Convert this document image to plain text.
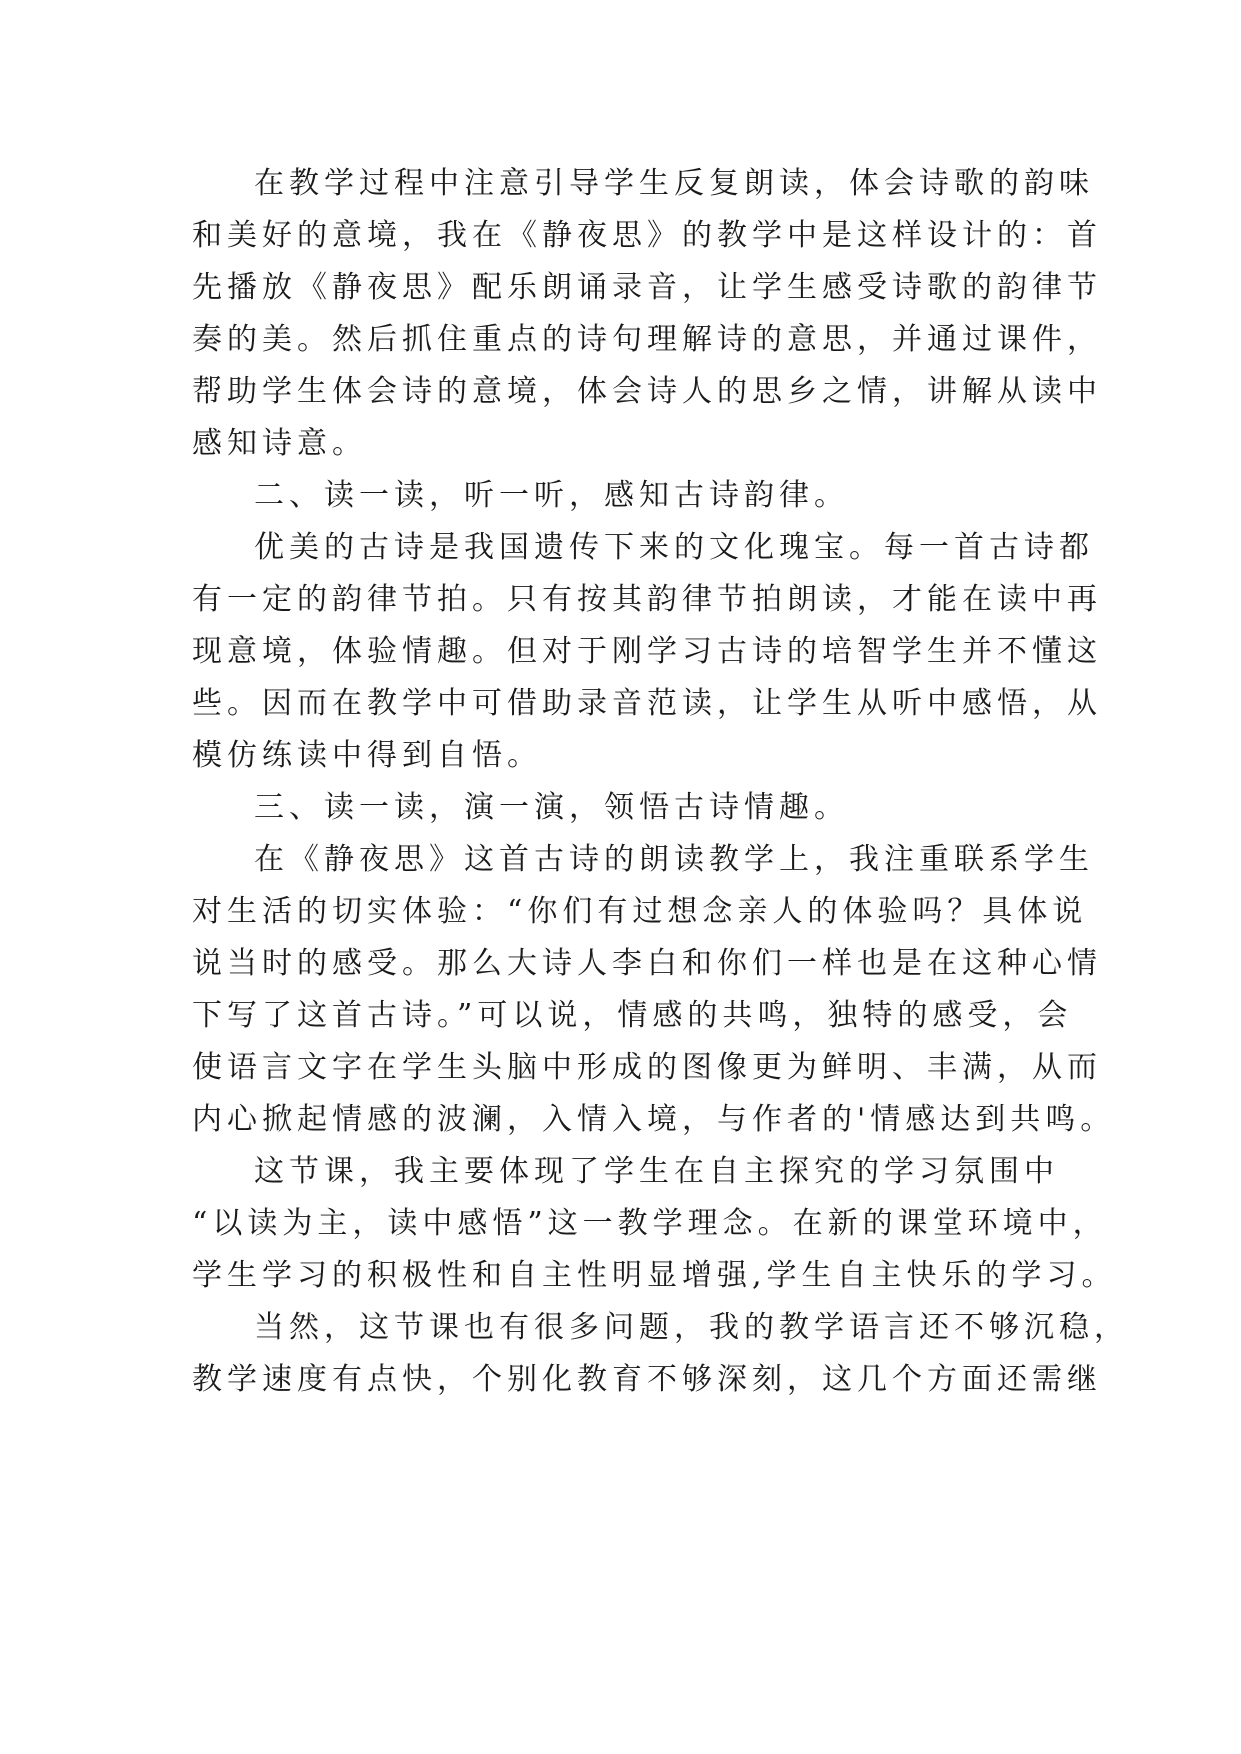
在教学过程中注意引导学生反复朗读，体会诗歌的韵味
和美好的意境，我在《静夜思》的教学中是这样设计的：首
先播放《静夜思》配乐朗诵录音，让学生感受诗歌的韵律节
奏的美。然后抓住重点的诗句理解诗的意思，并通过课件，
帮助学生体会诗的意境，体会诗人的思乡之情，讲解从读中
感知诗意。

二、读一读，听一听，感知古诗韵律。

优美的古诗是我国遗传下来的文化瑰宝。每一首古诗都
有一定的韵律节拍。只有按其韵律节拍朗读，才能在读中再
现意境，体验情趣。但对于刚学习古诗的培智学生并不懂这
些。因而在教学中可借助录音范读，让学生从听中感悟，从
模仿练读中得到自悟。

三、读一读，演一演，领悟古诗情趣。

在《静夜思》这首古诗的朗读教学上，我注重联系学生
对生活的切实体验：“你们有过想念亲人的体验吗？具体说
说当时的感受。那么大诗人李白和你们一样也是在这种心情
下写了这首古诗。”可以说，情感的共鸣，独特的感受，会
使语言文字在学生头脑中形成的图像更为鲜明、丰满，从而
内心掀起情感的波澜，入情入境，与作者的'情感达到共鸣。

这节课，我主要体现了学生在自主探究的学习氛围中
“以读为主，读中感悟”这一教学理念。在新的课堂环境中，
学生学习的积极性和自主性明显增强,学生自主快乐的学习。

当然，这节课也有很多问题，我的教学语言还不够沉稳，
教学速度有点快，个别化教育不够深刻，这几个方面还需继
